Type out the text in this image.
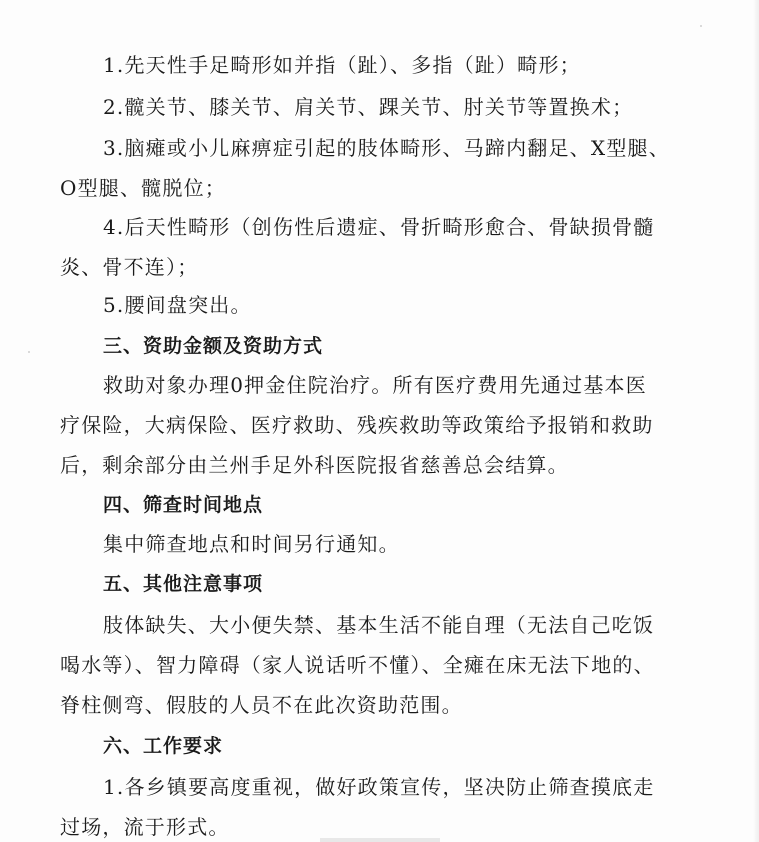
1.先天性手足畸形如并指（趾）、多指（趾）畸形；
2.髋关节、膝关节、肩关节、踝关节、肘关节等置换术；
3.脑瘫或小儿麻痹症引起的肢体畸形、马蹄内翻足、X型腿、
O型腿、髋脱位；
4.后天性畸形（创伤性后遗症、骨折畸形愈合、骨缺损骨髓
炎、骨不连）；
5.腰间盘突出。
三、资助金额及资助方式
救助对象办理0押金住院治疗。所有医疗费用先通过基本医
疗保险，大病保险、医疗救助、残疾救助等政策给予报销和救助
后，剩余部分由兰州手足外科医院报省慈善总会结算。
四、筛查时间地点
集中筛查地点和时间另行通知。
五、其他注意事项
肢体缺失、大小便失禁、基本生活不能自理（无法自己吃饭
喝水等）、智力障碍（家人说话听不懂）、全瘫在床无法下地的、
脊柱侧弯、假肢的人员不在此次资助范围。
六、工作要求
1.各乡镇要高度重视，做好政策宣传，坚决防止筛查摸底走
过场，流于形式。
